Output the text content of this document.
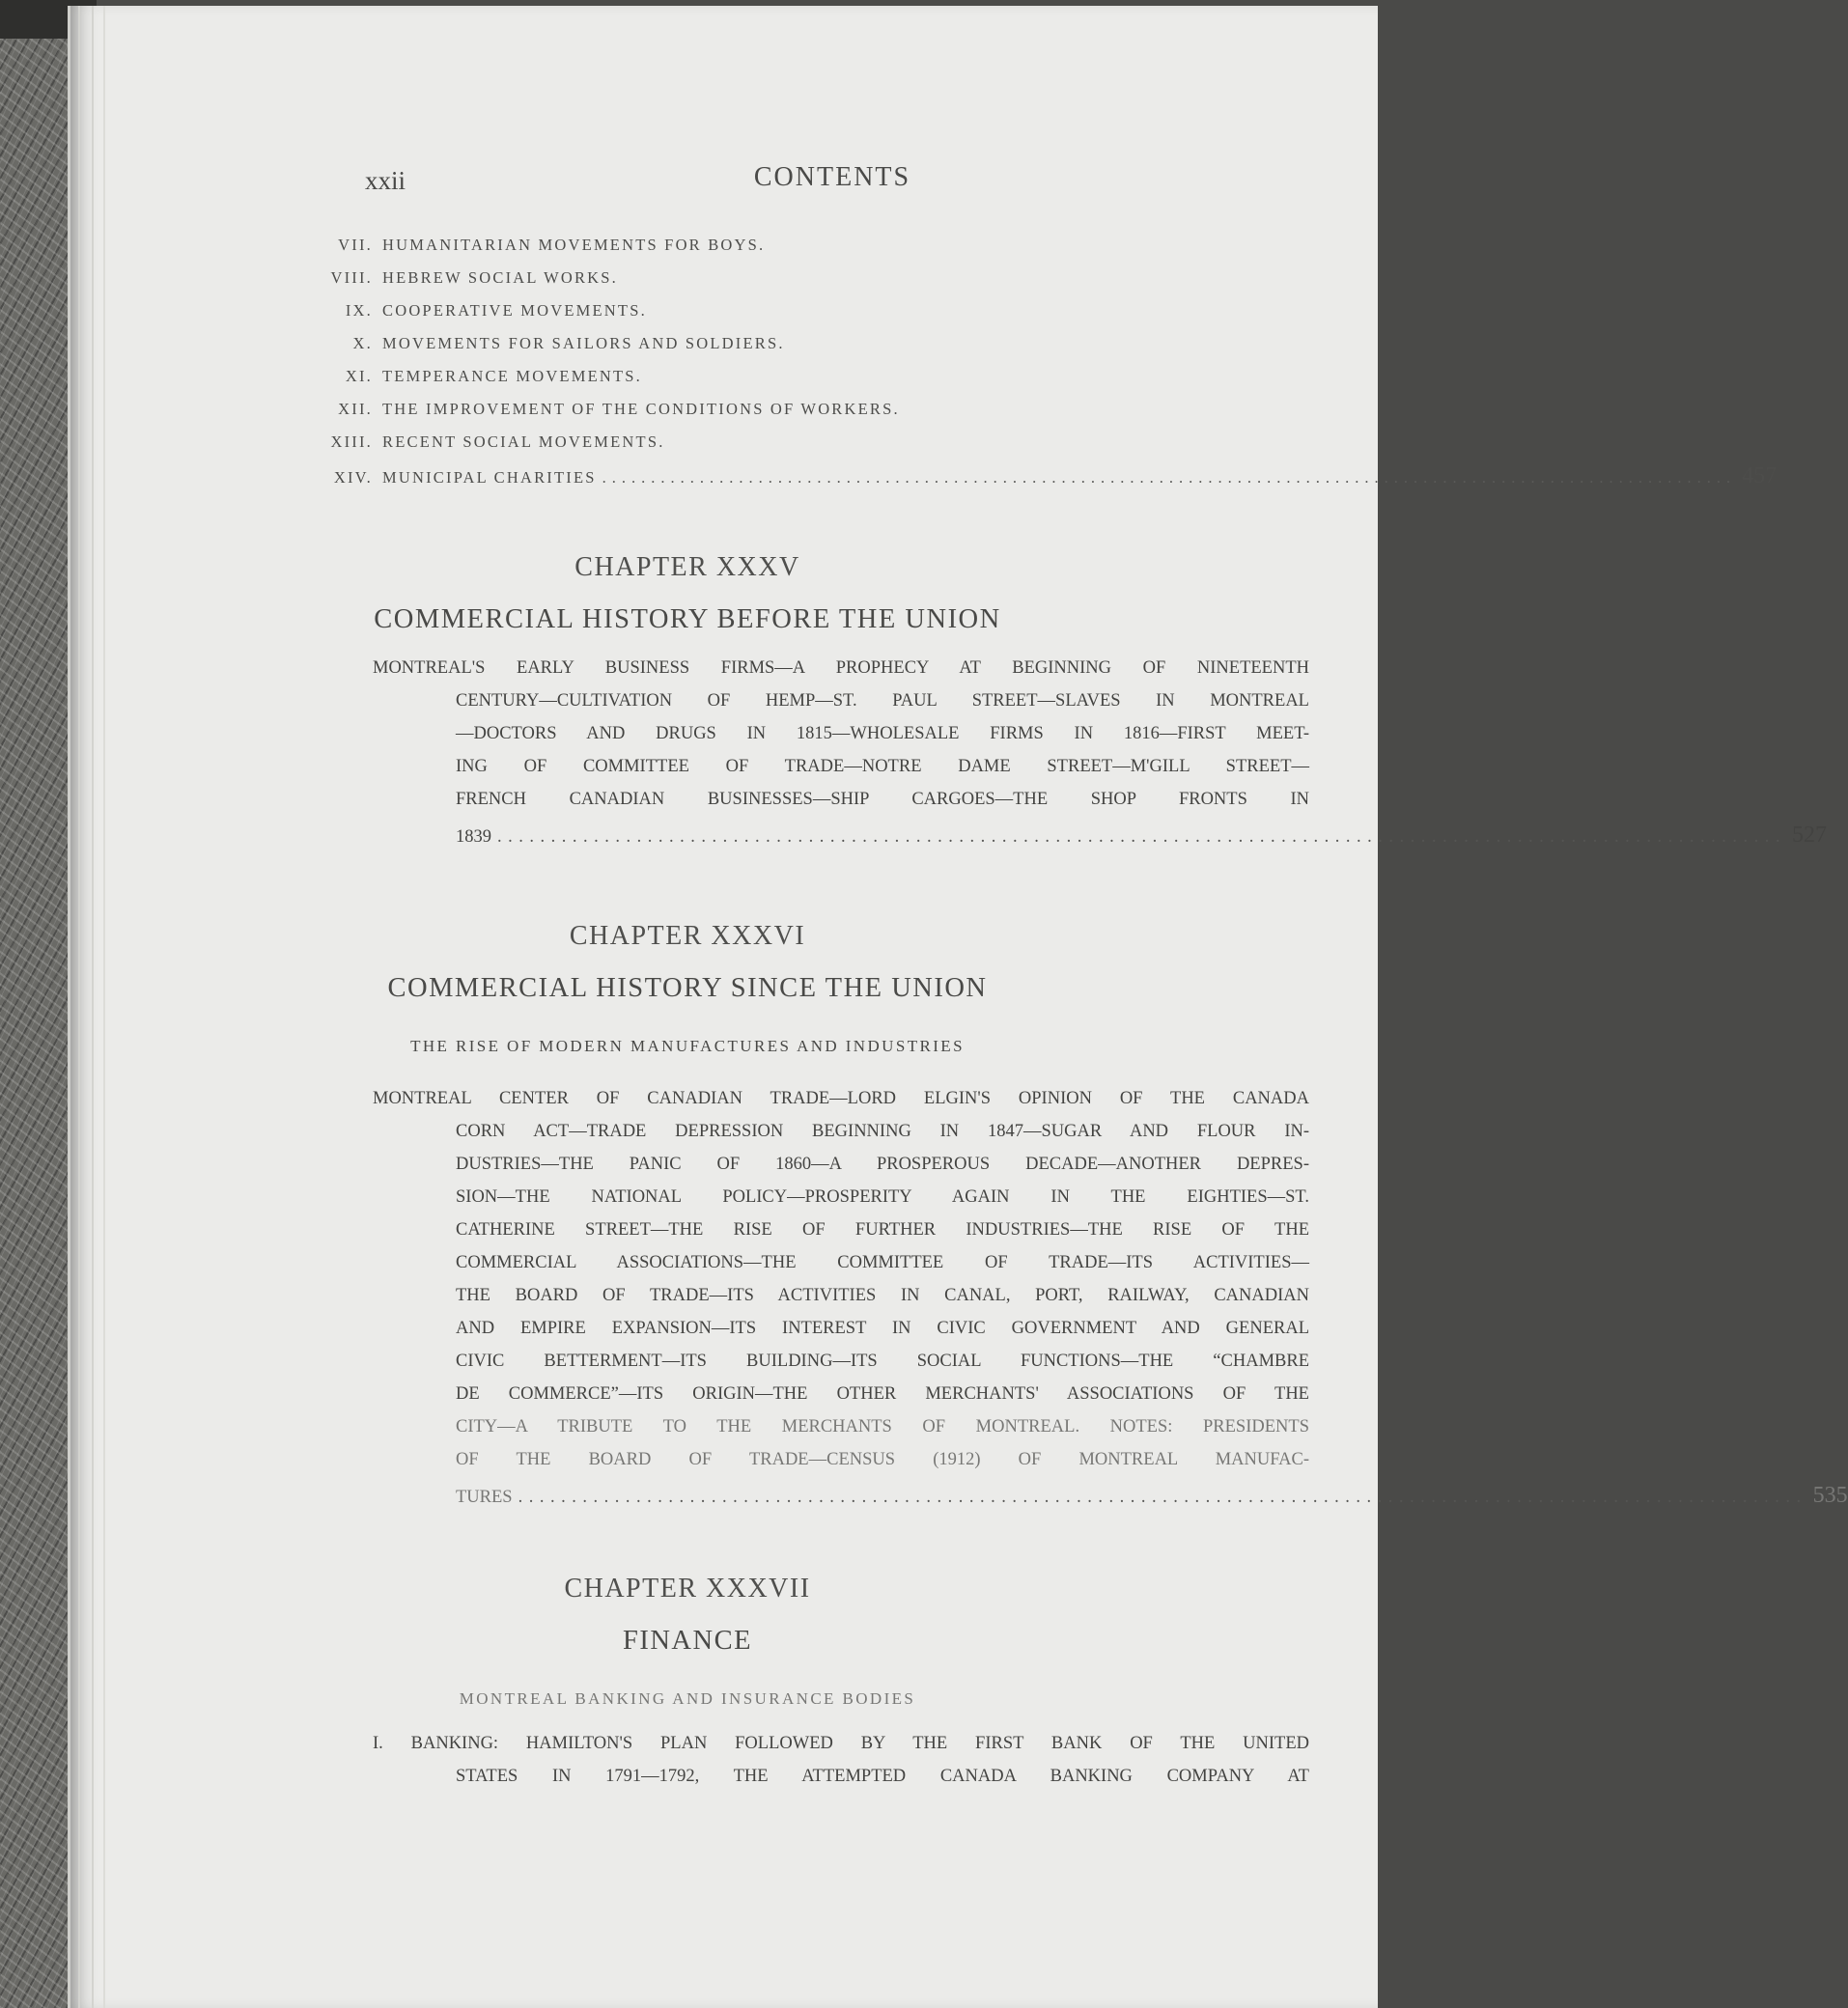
xxii	CONTENTS
VII. HUMANITARIAN MOVEMENTS FOR BOYS.
VIII. HEBREW SOCIAL WORKS.
IX. COOPERATIVE MOVEMENTS.
X. MOVEMENTS FOR SAILORS AND SOLDIERS.
XI. TEMPERANCE MOVEMENTS.
XII. THE IMPROVEMENT OF THE CONDITIONS OF WORKERS.
XIII. RECENT SOCIAL MOVEMENTS.
XIV. MUNICIPAL CHARITIES .................................................................................................................... 457
CHAPTER XXXV
COMMERCIAL HISTORY BEFORE THE UNION
MONTREAL'S EARLY BUSINESS FIRMS—A PROPHECY AT BEGINNING OF NINETEENTH
CENTURY—CULTIVATION OF HEMP—ST. PAUL STREET—SLAVES IN MONTREAL
—DOCTORS AND DRUGS IN 1815—WHOLESALE FIRMS IN 1816—FIRST MEET-
ING OF COMMITTEE OF TRADE—NOTRE DAME STREET—M'GILL STREET—
FRENCH CANADIAN BUSINESSES—SHIP CARGOES—THE SHOP FRONTS IN
1839 ........................................................................................................................ 527
CHAPTER XXXVI
COMMERCIAL HISTORY SINCE THE UNION
THE RISE OF MODERN MANUFACTURES AND INDUSTRIES
MONTREAL CENTER OF CANADIAN TRADE—LORD ELGIN'S OPINION OF THE CANADA
CORN ACT—TRADE DEPRESSION BEGINNING IN 1847—SUGAR AND FLOUR IN-
DUSTRIES—THE PANIC OF 1860—A PROSPEROUS DECADE—ANOTHER DEPRES-
SION—THE NATIONAL POLICY—PROSPERITY AGAIN IN THE EIGHTIES—ST.
CATHERINE STREET—THE RISE OF FURTHER INDUSTRIES—THE RISE OF THE
COMMERCIAL ASSOCIATIONS—THE COMMITTEE OF TRADE—ITS ACTIVITIES—
THE BOARD OF TRADE—ITS ACTIVITIES IN CANAL, PORT, RAILWAY, CANADIAN
AND EMPIRE EXPANSION—ITS INTEREST IN CIVIC GOVERNMENT AND GENERAL
CIVIC BETTERMENT—ITS BUILDING—ITS SOCIAL FUNCTIONS—THE “CHAMBRE
DE COMMERCE”—ITS ORIGIN—THE OTHER MERCHANTS' ASSOCIATIONS OF THE
CITY—A TRIBUTE TO THE MERCHANTS OF MONTREAL. NOTES: PRESIDENTS
OF THE BOARD OF TRADE—CENSUS (1912) OF MONTREAL MANUFAC-
TURES ........................................................................................................................ 535
CHAPTER XXXVII
FINANCE
MONTREAL BANKING AND INSURANCE BODIES
I. BANKING: HAMILTON'S PLAN FOLLOWED BY THE FIRST BANK OF THE UNITED
STATES IN 1791—1792, THE ATTEMPTED CANADA BANKING COMPANY AT
